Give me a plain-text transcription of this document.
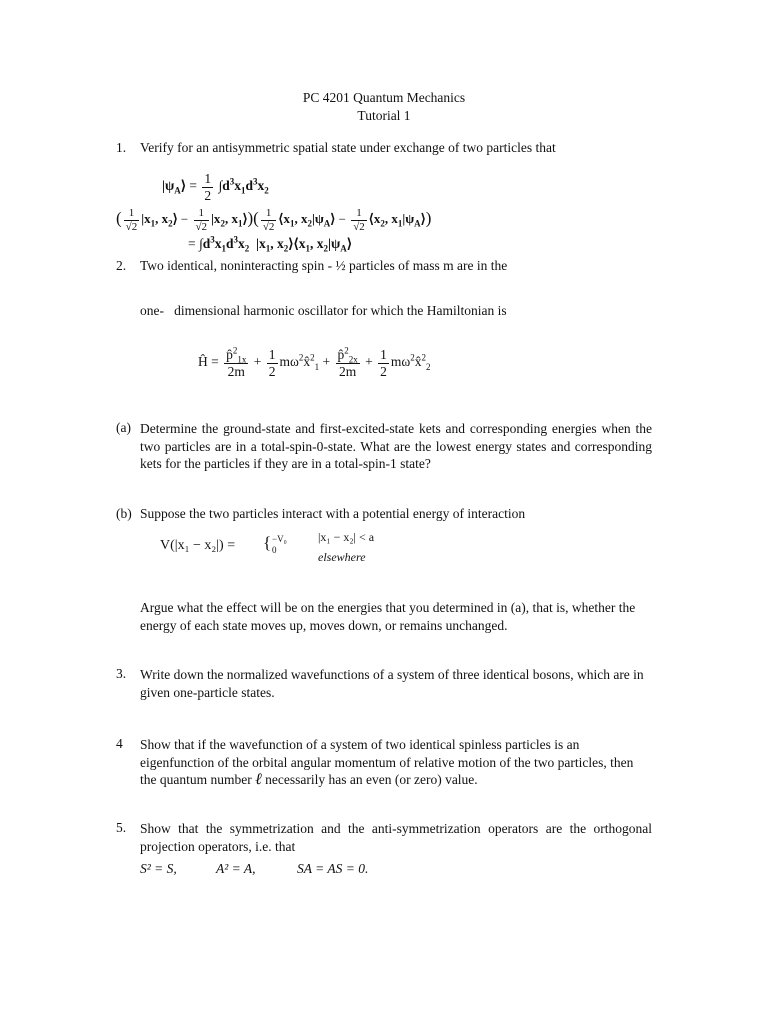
PC 4201 Quantum Mechanics
Tutorial 1
1. Verify for an antisymmetric spatial state under exchange of two particles that
$|\psi_A⟩ = \frac{1}{2} \int d^3x_1d^3x_2$
( $\frac{1}{√2} |x_1$, $x_2⟩ - \frac{1}{√2} |x_2$, $x_1⟩)( \frac{1}{√2}$ $⟨x_1$, $x_2|\psi_A⟩ - \frac{1}{√2}$ $⟨x_2$, $x_1|\psi_A⟩$)
= $\int d^3x_1d^3x_2$  $|x_1$, $x_2⟩⟨x_1$, $x_2|\psi_A⟩$
2. Two identical, noninteracting spin - ½ particles of mass m are in the
one-   dimensional harmonic oscillator for which the Hamiltonian is
Ĥ = $\frac{p̂^2_{1x}}{2m} + \frac{1}{2}$ $m\omega^2x̂^2_1 + \frac{p̂^2_{2x}}{2m} + \frac{1}{2}$ $m\omega^2x̂^2_2$
(a) Determine the ground-state and first-excited-state kets and corresponding energies when the two particles are in a total-spin-0-state. What are the lowest energy states and corresponding kets for the particles if they are in a total-spin-1 state?
(b) Suppose the two particles interact with a potential energy of interaction
V(|x₁ − x₂|) = { −V₀
0
|x₁ − x₂| < a
elsewhere
Argue what the effect will be on the energies that you determined in (a), that is, whether the energy of each state moves up, moves down, or remains unchanged.
3. Write down the normalized wavefunctions of a system of three identical bosons, which are in given one-particle states.
4 Show that if the wavefunction of a system of two identical spinless particles is an eigenfunction of the orbital angular momentum of relative motion of the two particles, then the quantum number ℓ necessarily has an even (or zero) value.
5. Show that the symmetrization and the anti-symmetrization operators are the orthogonal projection operators, i.e. that
S² = S,	A² = A,	SA = AS = 0.
